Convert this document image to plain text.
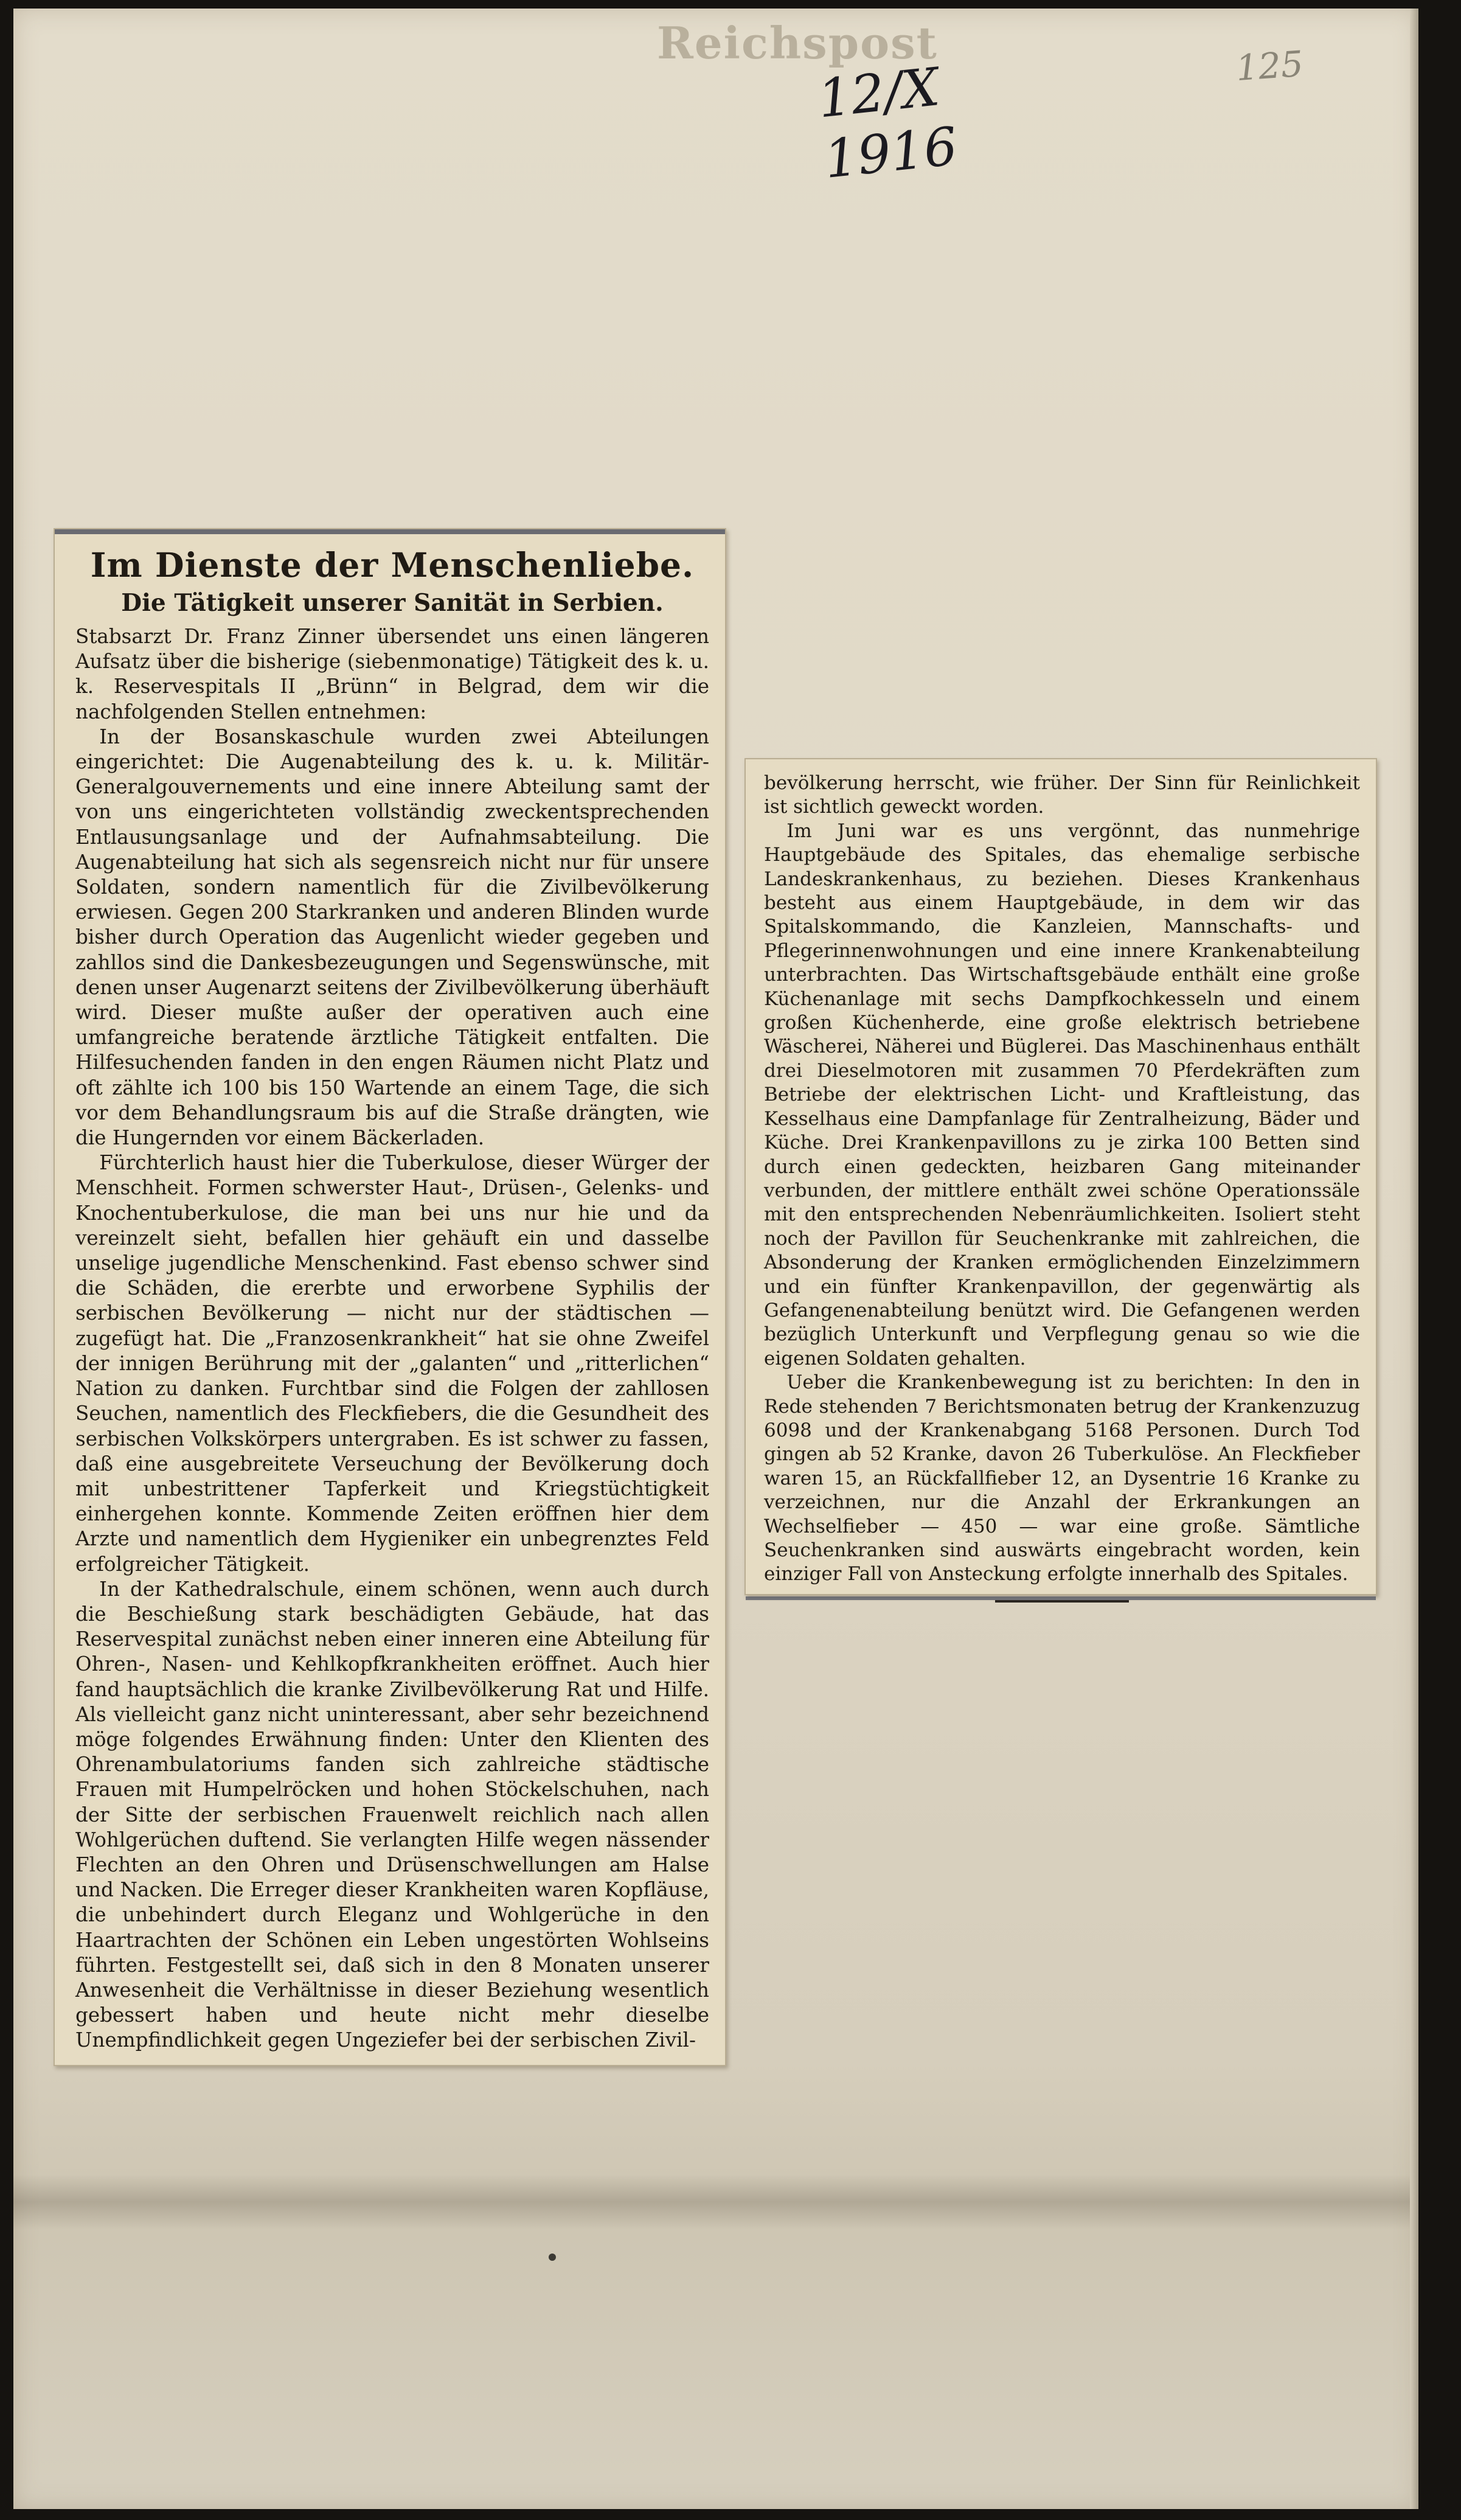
Reichspost
12/X 1916
125
Im Dienste der Menschenliebe.
Die Tätigkeit unserer Sanität in Serbien.

Stabsarzt Dr. Franz Zinner übersendet uns einen längeren Aufsatz über die bisherige (siebenmonatige) Tätigkeit des k. u. k. Reservespitals II „Brünn“ in Belgrad, dem wir die nachfolgenden Stellen entnehmen:

In der Bosanskaschule wurden zwei Abteilungen eingerichtet: Die Augenabteilung des k. u. k. Militär-Generalgouvernements und eine innere Abteilung samt der von uns eingerichteten vollständig zweckentsprechenden Entlausungsanlage und der Aufnahmsabteilung. Die Augenabteilung hat sich als segensreich nicht nur für unsere Soldaten, sondern namentlich für die Zivilbevölkerung erwiesen. Gegen 200 Starkranken und anderen Blinden wurde bisher durch Operation das Augenlicht wieder gegeben und zahllos sind die Dankesbezeugungen und Segenswünsche, mit denen unser Augenarzt seitens der Zivilbevölkerung überhäuft wird. Dieser mußte außer der operativen auch eine umfangreiche beratende ärztliche Tätigkeit entfalten. Die Hilfesuchenden fanden in den engen Räumen nicht Platz und oft zählte ich 100 bis 150 Wartende an einem Tage, die sich vor dem Behandlungsraum bis auf die Straße drängten, wie die Hungernden vor einem Bäckerladen.

Fürchterlich haust hier die Tuberkulose, dieser Würger der Menschheit. Formen schwerster Haut-, Drüsen-, Gelenks- und Knochentuberkulose, die man bei uns nur hie und da vereinzelt sieht, befallen hier gehäuft ein und dasselbe unselige jugendliche Menschenkind. Fast ebenso schwer sind die Schäden, die ererbte und erworbene Syphilis der serbischen Bevölkerung — nicht nur der städtischen — zugefügt hat. Die „Franzosenkrankheit“ hat sie ohne Zweifel der innigen Berührung mit der „galanten“ und „ritterlichen“ Nation zu danken. Furchtbar sind die Folgen der zahllosen Seuchen, namentlich des Fleckfiebers, die die Gesundheit des serbischen Volkskörpers untergraben. Es ist schwer zu fassen, daß eine ausgebreitete Verseuchung der Bevölkerung doch mit unbestrittener Tapferkeit und Kriegstüchtigkeit einhergehen konnte. Kommende Zeiten eröffnen hier dem Arzte und namentlich dem Hygieniker ein unbegrenztes Feld erfolgreicher Tätigkeit.

In der Kathedralschule, einem schönen, wenn auch durch die Beschießung stark beschädigten Gebäude, hat das Reservespital zunächst neben einer inneren eine Abteilung für Ohren-, Nasen- und Kehlkopfkrankheiten eröffnet. Auch hier fand hauptsächlich die kranke Zivilbevölkerung Rat und Hilfe. Als vielleicht ganz nicht uninteressant, aber sehr bezeichnend möge folgendes Erwähnung finden: Unter den Klienten des Ohrenambulatoriums fanden sich zahlreiche städtische Frauen mit Humpelröcken und hohen Stöckelschuhen, nach der Sitte der serbischen Frauenwelt reichlich nach allen Wohlgerüchen duftend. Sie verlangten Hilfe wegen nässender Flechten an den Ohren und Drüsenschwellungen am Halse und Nacken. Die Erreger dieser Krankheiten waren Kopfläuse, die unbehindert durch Eleganz und Wohlgerüche in den Haartrachten der Schönen ein Leben ungestörten Wohlseins führten. Festgestellt sei, daß sich in den 8 Monaten unserer Anwesenheit die Verhältnisse in dieser Beziehung wesentlich gebessert haben und heute nicht mehr dieselbe Unempfindlichkeit gegen Ungeziefer bei der serbischen Zivil-

bevölkerung herrscht, wie früher. Der Sinn für Reinlichkeit ist sichtlich geweckt worden.

Im Juni war es uns vergönnt, das nunmehrige Hauptgebäude des Spitales, das ehemalige serbische Landeskrankenhaus, zu beziehen. Dieses Krankenhaus besteht aus einem Hauptgebäude, in dem wir das Spitalskommando, die Kanzleien, Mannschafts- und Pflegerinnenwohnungen und eine innere Krankenabteilung unterbrachten. Das Wirtschaftsgebäude enthält eine große Küchenanlage mit sechs Dampfkochkesseln und einem großen Küchenherde, eine große elektrisch betriebene Wäscherei, Näherei und Büglerei. Das Maschinenhaus enthält drei Dieselmotoren mit zusammen 70 Pferdekräften zum Betriebe der elektrischen Licht- und Kraftleistung, das Kesselhaus eine Dampfanlage für Zentralheizung, Bäder und Küche. Drei Krankenpavillons zu je zirka 100 Betten sind durch einen gedeckten, heizbaren Gang miteinander verbunden, der mittlere enthält zwei schöne Operationssäle mit den entsprechenden Nebenräumlichkeiten. Isoliert steht noch der Pavillon für Seuchenkranke mit zahlreichen, die Absonderung der Kranken ermöglichenden Einzelzimmern und ein fünfter Krankenpavillon, der gegenwärtig als Gefangenenabteilung benützt wird. Die Gefangenen werden bezüglich Unterkunft und Verpflegung genau so wie die eigenen Soldaten gehalten.

Ueber die Krankenbewegung ist zu berichten: In den in Rede stehenden 7 Berichtsmonaten betrug der Krankenzuzug 6098 und der Krankenabgang 5168 Personen. Durch Tod gingen ab 52 Kranke, davon 26 Tuberkulöse. An Fleckfieber waren 15, an Rückfallfieber 12, an Dysentrie 16 Kranke zu verzeichnen, nur die Anzahl der Erkrankungen an Wechselfieber — 450 — war eine große. Sämtliche Seuchenkranken sind auswärts eingebracht worden, kein einziger Fall von Ansteckung erfolgte innerhalb des Spitales.
